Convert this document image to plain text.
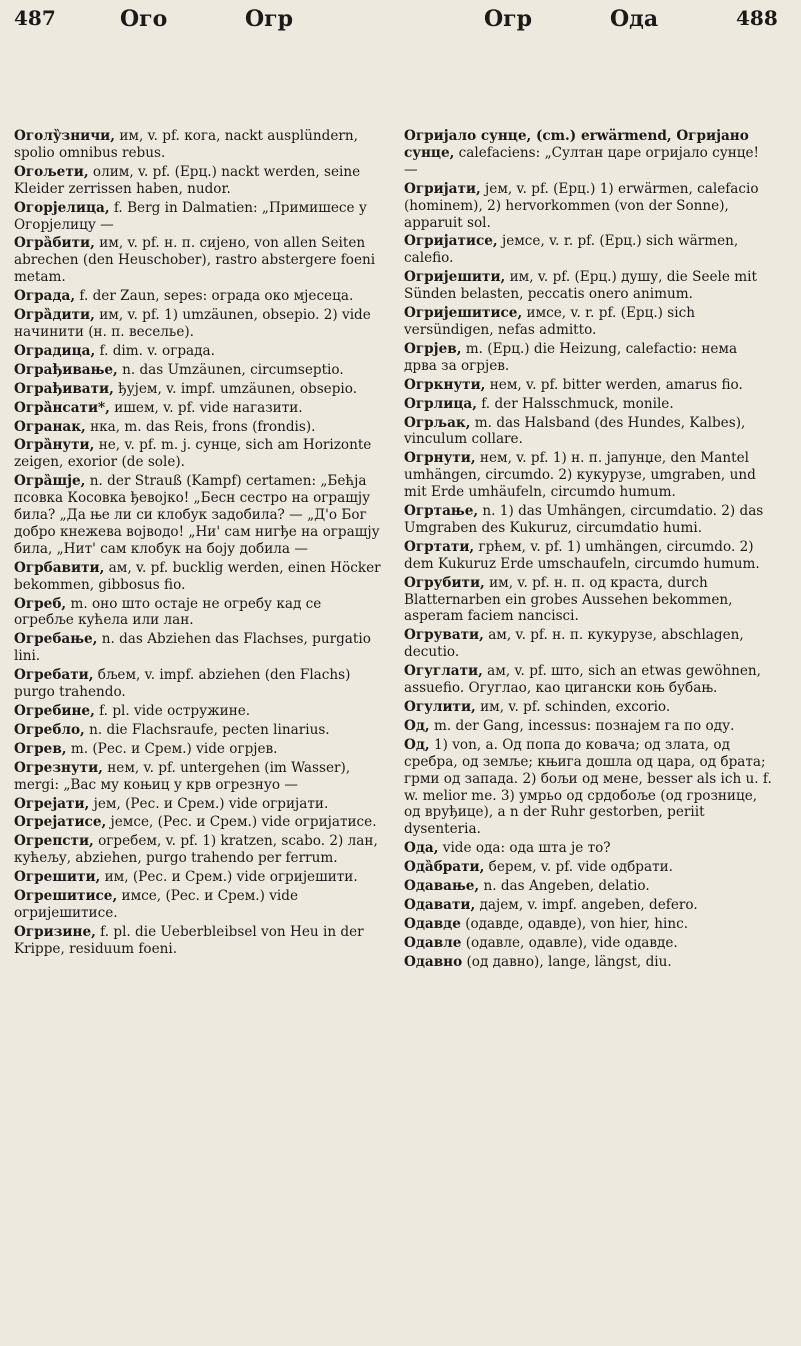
487	Ого	Огр	Огр	Ода	488

Оголу̏зничи, им, v. pf. кога, nackt ausplündern, spolio omnibus rebus.

Огољети, олим, v. pf. (Ерц.) nackt werden, seine Kleider zerrissen haben, nudor.

Огорјелица, f. Berg in Dalmatien: „Примишесе у Огорјелицу —

Огра̏бити, им, v. pf. н. п. сијено, von allen Seiten abrechen (den Heuschober), rastro abstergere foeni metam.

Ограда, f. der Zaun, seрes: ограда око мјесеца.

Огра̏дити, им, v. pf. 1) umzäunen, obsepio. 2) vide начинити (н. п. веселье).

Оградица, f. dim. v. ограда.

Ограђивање, n. das Umzäunen, circumseptio.

Ограђивати, ђујем, v. impf. umzäunen, obsepio.

Огра̏нсати*, ишем, v. pf. vide нагазити.

Огранак, нка, m. das Reis, frons (frondis).

Огра̏нути, не, v. pf. m. j. сунце, sich am Horizonte zeigen, exorior (de sole).

Огра̏шје, n. der Strauß (Kampf) certamen: „Бећја псовка Косовка ђевојко! „Бесн сестро на ограшју била? „Да ње ли си клобук задобила? — „Д'о Бог добро кнежева војводо! „Ни' сам нигђе на ограшју била, „Нит' сам клобук на боју добила —

Огрбавити, ам, v. pf. bucklig werden, einen Höcker bekommen, gibbosus fio.

Огреб, m. оно што остаје не огребу кад се огребље кућела или лан.

Огребање, n. das Abziehen das Flachses, purgatio lini.

Огребати, бљем, v. impf. abziehen (den Flachs) purgo trahendo.

Огребине, f. pl. vide остружине.

Огребло, n. die Flachsraufe, pecten linarius.

Огрев, m. (Рес. и Срем.) vide огрјев.

Огрезнути, нем, v. pf. untergehen (im Wasser), mergi: „Вас му коњиц у крв огрезнуо —

Огрејати, јем, (Рес. и Срем.) vide огријати.

Огрејатисе, јемсе, (Рес. и Срем.) vide огријатисе.

Огрепсти, огребем, v. pf. 1) kratzen, scabo. 2) лан, кућељу, abziehen, purgo trahendo per ferrum.

Огрешити, им, (Рес. и Срем.) vide огријешити.

Огрешитисе, имсе, (Рес. и Срем.) vide огријешитисе.

Огризине, f. pl. die Ueberbleibsel von Heu in der Krippe, residuum foeni.

Огријало сунце, (сm.) erwärmend, Огријано сунце, calefaciens: „Султан царе огријало сунце! —

Огријати, јем, v. pf. (Ерц.) 1) erwärmen, calefacio (hominem), 2) hervorkommen (von der Sonne), apparuit sol.

Огријатисе, јемсе, v. r. pf. (Ерц.) sich wärmen, calefio.

Огријешити, им, v. pf. (Ерц.) душу, die Seele mit Sünden belasten, peccatis onero animum.

Огријешитисе, имсе, v. r. pf. (Ерц.) sich versündigen, nefas admitto.

Огрјев, m. (Ерц.) die Heizung, calefactio: нема дрва за огрјев.

Огркнути, нем, v. pf. bitter werden, amarus fio.

Огрлица, f. der Halsschmuck, monile.

Огрљак, m. das Halsband (des Hundes, Kalbes), vinculum collare.

Огрнути, нем, v. pf. 1) н. п. јапунџе, den Mantel umhängen, circumdo. 2) кукурузе, umgraben, und mit Erde umhäufeln, circumdo humum.

Огртање, n. 1) das Umhängen, circumdatio. 2) das Umgraben des Kukuruz, circumdatio humi.

Огртати, грћем, v. pf. 1) umhängen, circumdo. 2) dem Kukuruz Erde umschaufeln, circumdo humum.

Огрубити, им, v. pf. н. п. од краста, durch Blatternarben ein grobes Aussehen bekommen, asperam faciem nancisci.

Огрувати, ам, v. pf. н. п. кукурузе, abschlagen, decutio.

Огуглати, ам, v. pf. што, sich an etwas gewöhnen, assuefio. Огуглао, као цигански коњ бубањ.

Огулити, им, v. pf. schinden, excorio.

Од, m. der Gang, incessus: познајем га по оду.

Од, 1) von, a. Од попа до ковача; од злата, од сребра, од земље; књига дошла од цара, од брата; грми од запада. 2) бољи од мене, besser als ich u. f. w. melior me. 3) умрьо од срдобоље (од грознице, од вруђице), a n der Ruhr gestorben, periit dysenteria.

Ода, vide ода: ода шта је то?

Ода̏брати, берем, v. pf. vide одбрати.

Одавање, n. das Angeben, delatio.

Одавати, дајем, v. impf. angeben, defero.

Одавде (одавде, одавде), von hier, hinc.

Одавле (одавле, одавле), vide одавде.

Одавно (од давно), lange, längst, diu.
